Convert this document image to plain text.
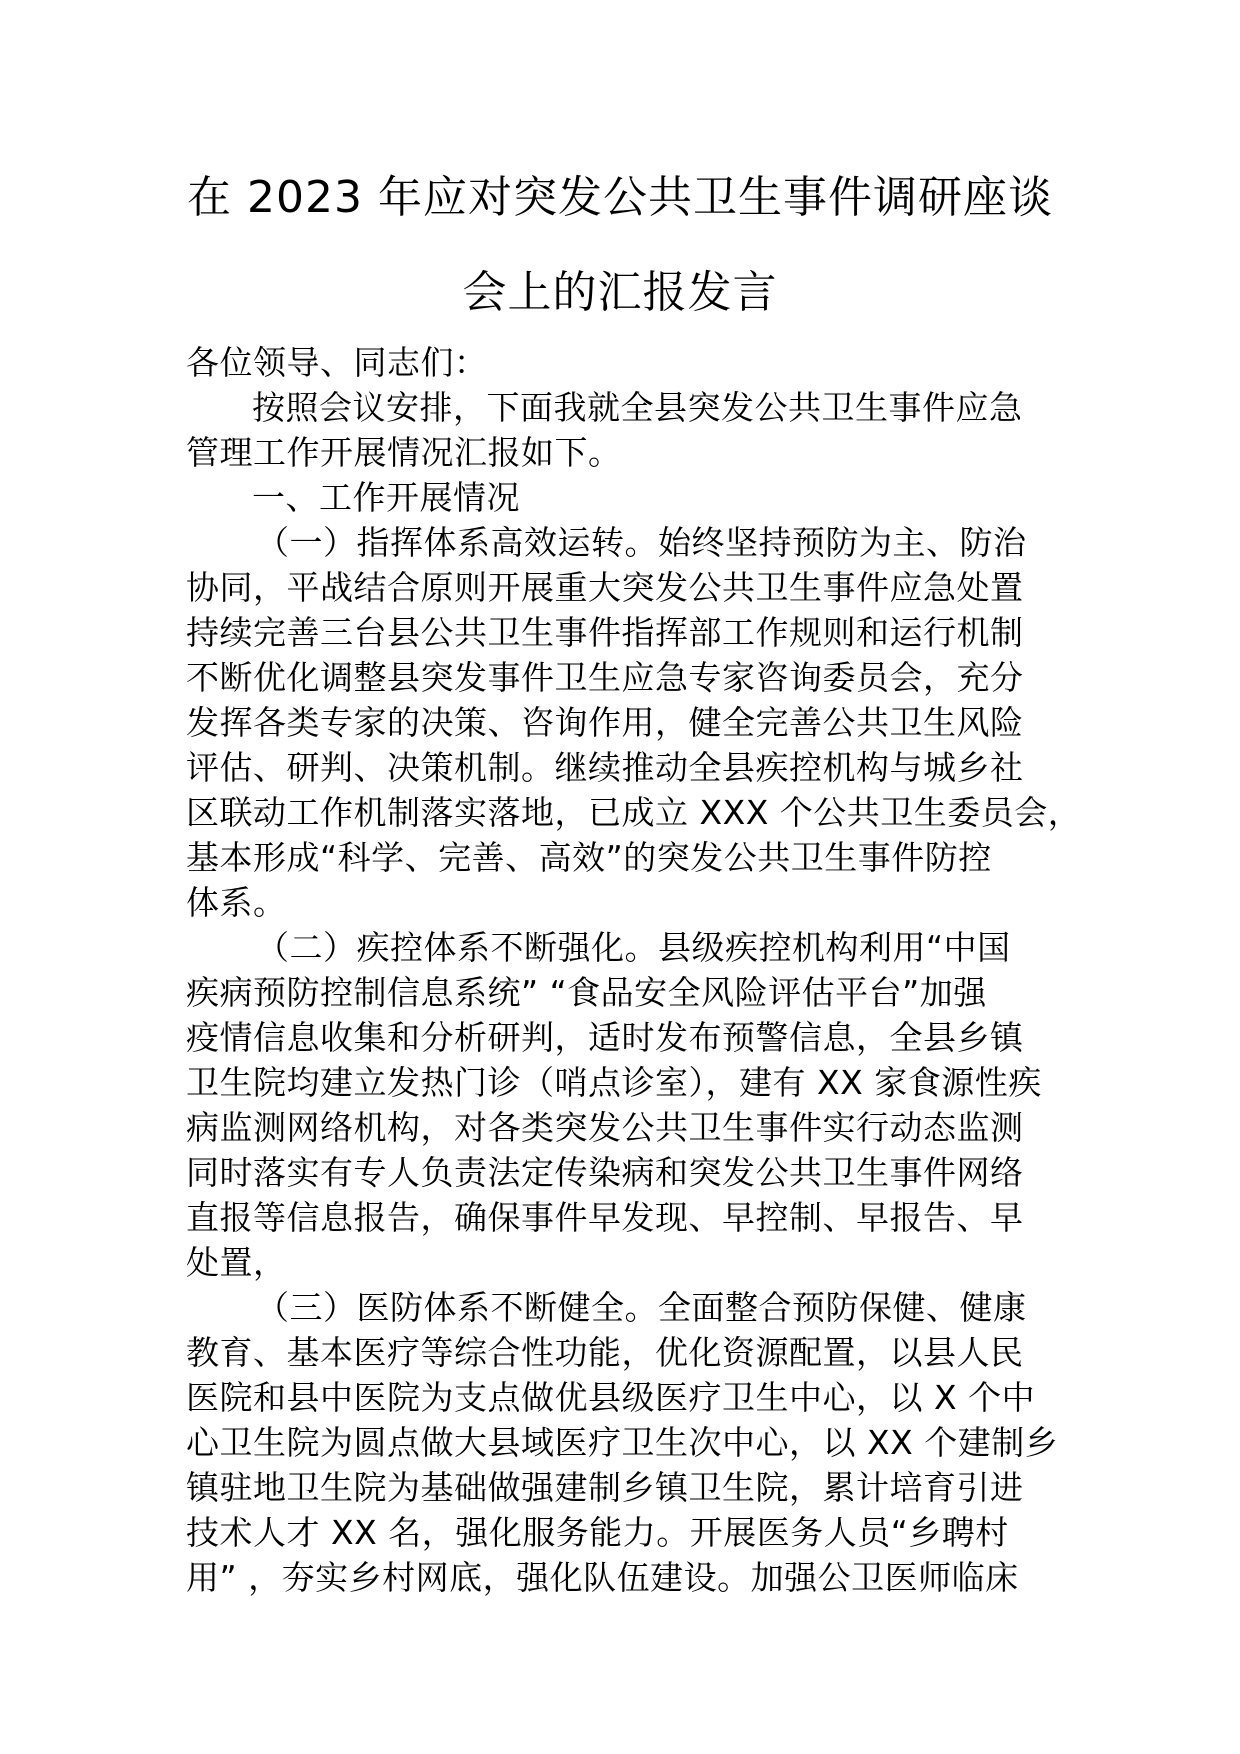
在 2023 年应对突发公共卫生事件调研座谈
会上的汇报发言
各位领导、同志们：
按照会议安排，下面我就全县突发公共卫生事件应急
管理工作开展情况汇报如下。
一、工作开展情况
（一）指挥体系高效运转。始终坚持预防为主、防治
协同，平战结合原则开展重大突发公共卫生事件应急处置
持续完善三台县公共卫生事件指挥部工作规则和运行机制
不断优化调整县突发事件卫生应急专家咨询委员会，充分
发挥各类专家的决策、咨询作用，健全完善公共卫生风险
评估、研判、决策机制。继续推动全县疾控机构与城乡社
区联动工作机制落实落地，已成立 XXX 个公共卫生委员会，
基本形成“科学、完善、高效”的突发公共卫生事件防控
体系。
（二）疾控体系不断强化。县级疾控机构利用“中国
疾病预防控制信息系统” “食品安全风险评估平台”加强
疫情信息收集和分析研判，适时发布预警信息，全县乡镇
卫生院均建立发热门诊（哨点诊室），建有 XX 家食源性疾
病监测网络机构，对各类突发公共卫生事件实行动态监测
同时落实有专人负责法定传染病和突发公共卫生事件网络
直报等信息报告，确保事件早发现、早控制、早报告、早
处置，
（三）医防体系不断健全。全面整合预防保健、健康
教育、基本医疗等综合性功能，优化资源配置，以县人民
医院和县中医院为支点做优县级医疗卫生中心，以 X 个中
心卫生院为圆点做大县域医疗卫生次中心，以 XX 个建制乡
镇驻地卫生院为基础做强建制乡镇卫生院，累计培育引进
技术人才 XX 名，强化服务能力。开展医务人员“乡聘村
用” ，夯实乡村网底，强化队伍建设。加强公卫医师临床
